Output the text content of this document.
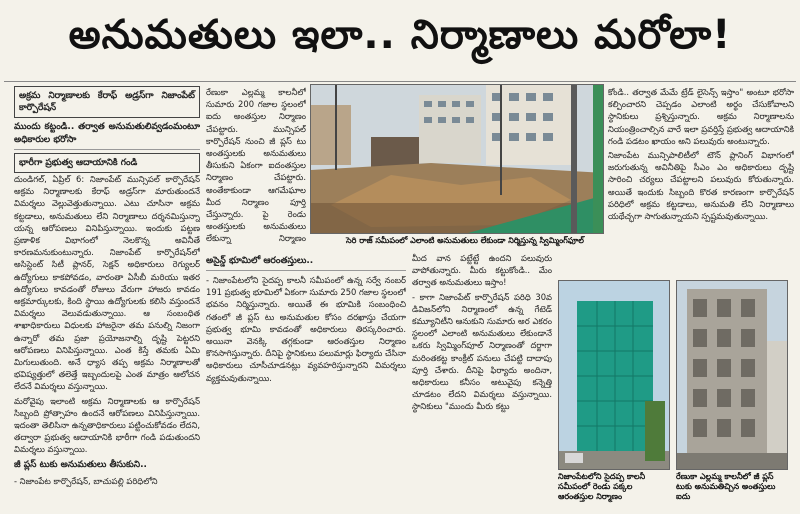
అనుమతులు ఇలా.. నిర్మాణాలు మరోలా!
అక్రమ నిర్మాణాలకు కేరాఫ్ అడ్రస్‌గా నిజాంపేట్ కార్పొరేషన్
ముందు కట్టండి.. తర్వాత అనుమతులివ్వడంమంటూ అధికారుల భరోసా
భారీగా ప్రభుత్వ ఆదాయానికి గండి

దుండిగల్, ఏప్రిల్ 6: నిజాంపేట్ మున్సిపల్ కార్పొరేషన్ అక్రమ నిర్మాణాలకు కేరాఫ్ అడ్రస్‌గా మారుతుందనే విమర్శలు వెల్లువెత్తుతున్నాయి. ఎటు చూసినా అక్రమ కట్టడాలు, అనుమతులు లేని నిర్మాణాలు దర్శనమిస్తున్నా యన్న ఆరోపణలు వినిపిస్తున్నాయి. ఇందుకు పట్టణ ప్రణాళిక విభాగంలో నెలకొన్న అవినీతే కారణమనుకుంటున్నారు. నిజాంపేట్ కార్పొరేషన్‌లో అసిస్టెంట్ సిటీ ప్లానర్, సెక్షన్ అధికారులు రెగ్యులర్ ఉద్యోగులు కాకపోవడం, వారంతా ఏసీబీ మరియు ఇతర ఉద్యోగులు కావడంతో రోజులు వేరుగా హాజరు కావడం అక్రమార్కులకు, కింది స్థాయి ఉద్యోగులకు కలిసి వస్తుందనే విమర్శలు వెలువడుతున్నాయి. ఆ సంబంధిత శాఖాధికారులు విధులకు హాజరైనా తమ పనుల్ని నిజంగా ఉన్నారో తమ ప్రజా ప్రయోజనాల్ని దృష్టి పెట్టరని ఆరోపణలు వినిపిస్తున్నాయి. ఎంత కిస్తే తమకు ఏమి మిగులుతుంది. అనే ధ్యాస తప్ప అక్రమ నిర్మాణాలతో భవిష్యత్తులో తలెత్తే ఇబ్బందులపై ఎంత మాత్రం ఆలోచన లేదనే విమర్శలు వస్తున్నాయి.

మరోవైపు ఇలాంటి అక్రమ నిర్మాణాలకు ఆ కార్పొరేషన్ సిబ్బంది ప్రోత్సాహం ఉందనే ఆరోపణలు వినిపిస్తున్నాయి. ఇదంతా తెలిసినా ఉన్నతాధికారులు పట్టించుకోవడం లేదని, తద్వారా ప్రభుత్వ ఆదాయానికి భారీగా గండి పడుతుందని విమర్శలు వస్తున్నాయి.

జీ ప్లస్ టుకు అనుమతులు తీసుకుని..

- నిజాంపేట కార్పొరేషన్, బాచుపల్లి పరిధిలోని

రేణుకా ఎల్లమ్మ కాలనీలో సుమారు 200 గజాల స్థలంలో ఐదు అంతస్తుల నిర్మాణం చేపట్టారు. మున్సిపల్ కార్పొరేషన్ నుంచి జీ ప్లస్ టు అంతస్తులకు అనుమతులు తీసుకుని ఏకంగా ఐదంతస్తుల నిర్మాణం చేపట్టారు. అంతేకాకుండా ఆగమేఘాల మీద నిర్మాణం పూర్తి చేస్తున్నారు. పై రెండు అంతస్తులకు అనుమతులు లేకున్నా నిర్మాణం	సెరి రాజ్ సమీపంలో ఎలాంటి అనుమతులు లేకుండా నిర్మిస్తున్న స్విమ్మింగ్‌ఫూల్
అసైన్డ్ భూమిలో ఆరంతస్తులు..

- నిజాంపేటలోని సైదప్ప కాలనీ సమీపంలో ఉన్న సర్వే నంబర్ 191 ప్రభుత్వ భూమిలో ఏకంగా సుమారు 250 గజాల స్థలంలో భవనం నిర్మిస్తున్నారు. అయితే ఈ భూమికి సంబంధించి గతంలో జీ ప్లస్ టు అనుమతుల కోసం దరఖాస్తు చేయగా ప్రభుత్వ భూమి కావడంతో అధికారులు తిరస్కరించారు. అయినా వెనక్కి తగ్గకుండా ఆరంతస్తుల నిర్మాణం కొనసాగిస్తున్నారు. దీనిపై స్థానికులు పలుమార్లు ఫిర్యాదు చేసినా అధికారులు చూసీచూడనట్లు వ్యవహరిస్తున్నారని విమర్శలు వ్యక్తమవుతున్నాయి.

మీద వాన పట్టేట్టే ఉందని పలువురు వాపోతున్నారు. మీరు కట్టుకోండి.. మేం తర్వాత అనుమతులు ఇస్తాం!

- కాగా నిజాంపేట్ కార్పొరేషన్ పరిధి 30వ డివిజన్‌లోని నిర్మాణంలో ఉన్న గేటెడ్ కమ్యూనిటీని ఆనుకుని సుమారు అర ఎకరం స్థలంలో ఎలాంటి అనుమతులు లేకుండానే ఒకరు స్విమ్మింగ్‌పూల్ నిర్మాణంతో దర్జాగా మరింతకట్ట కాంక్రీట్ పనులు చేపట్టి దాదాపు పూర్తి చేశారు. దీనిపై ఫిర్యాదు అందినా, అధికారులు కనీసం అటువైపు కన్నెత్తి చూడటం లేదని విమర్శలు వస్తున్నాయి. స్థానికులు "ముందు మీరు కట్టు

కోండి.. తర్వాత మేమే ట్రేడ్ లైసెన్స్ ఇస్తాం" అంటూ భరోసా కల్పించారని చెప్పడం ఎలాంటి అర్థం చేసుకోవాలని స్థానికులు ప్రశ్నిస్తున్నారు. అక్రమ నిర్మాణాలను నియంత్రించాల్సిన వారే ఇలా ప్రవర్తిస్తే ప్రభుత్వ ఆదాయానికి గండి పడటం ఖాయం అని పలువురు అంటున్నారు.

నిజాంపేట మున్సిపాలిటీలో టౌన్ ప్లానింగ్ విభాగంలో జరుగుతున్న అవినీతిపై సీఎం ఎం అధికారులు దృష్టి సారించి చర్యలు చేపట్టాలని పలువురు కోరుతున్నారు. అయితే ఇందుకు సిబ్బంది కొరత కారణంగా కార్పొరేషన్ పరిధిలో అక్రమ కట్టడాలు, అనుమతి లేని నిర్మాణాలు యథేచ్ఛగా సాగుతున్నాయని స్పష్టమవుతున్నాయి.

నిజాంపేటలోని సైదప్ప కాలనీ సమీపంలో రెండు పక్కల ఆరంతస్తుల నిర్మాణం
రేణుకా ఎల్లమ్మ కాలనీలో జీ ప్లస్ టుకు అనుమతిచ్చిన అంతస్తులు ఐదు
